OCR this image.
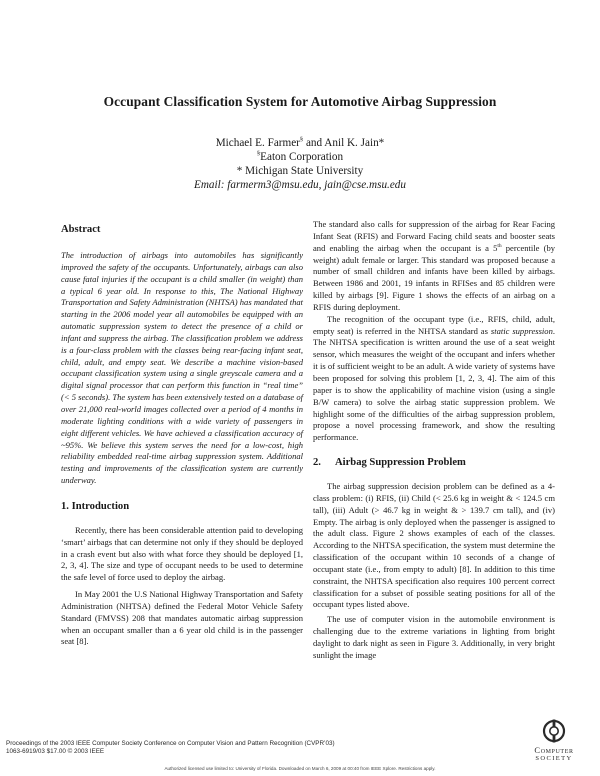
Occupant Classification System for Automotive Airbag Suppression
Michael E. Farmer§ and Anil K. Jain*
§Eaton Corporation
* Michigan State University
Email: farmerm3@msu.edu, jain@cse.msu.edu
Abstract

The introduction of airbags into automobiles has significantly improved the safety of the occupants. Unfortunately, airbags can also cause fatal injuries if the occupant is a child smaller (in weight) than a typical 6 year old. In response to this, The National Highway Transportation and Safety Administration (NHTSA) has mandated that starting in the 2006 model year all automobiles be equipped with an automatic suppression system to detect the presence of a child or infant and suppress the airbag. The classification problem we address is a four-class problem with the classes being rear-facing infant seat, child, adult, and empty seat. We describe a machine vision-based occupant classification system using a single greyscale camera and a digital signal processor that can perform this function in “real time” (< 5 seconds). The system has been extensively tested on a database of over 21,000 real-world images collected over a period of 4 months in moderate lighting conditions with a wide variety of passengers in eight different vehicles. We have achieved a classification accuracy of ~95%. We believe this system serves the need for a low-cost, high reliability embedded real-time airbag suppression system. Additional testing and improvements of the classification system are currently underway.

1. Introduction

Recently, there has been considerable attention paid to developing ‘smart’ airbags that can determine not only if they should be deployed in a crash event but also with what force they should be deployed [1, 2, 3, 4]. The size and type of occupant needs to be used to determine the safe level of force used to deploy the airbag.

In May 2001 the U.S National Highway Transportation and Safety Administration (NHTSA) defined the Federal Motor Vehicle Safety Standard (FMVSS) 208 that mandates automatic airbag suppression when an occupant smaller than a 6 year old child is in the passenger seat [8].

The standard also calls for suppression of the airbag for Rear Facing Infant Seat (RFIS) and Forward Facing child seats and booster seats and enabling the airbag when the occupant is a 5th percentile (by weight) adult female or larger. This standard was proposed because a number of small children and infants have been killed by airbags. Between 1986 and 2001, 19 infants in RFISes and 85 children were killed by airbags [9]. Figure 1 shows the effects of an airbag on a RFIS during deployment.

The recognition of the occupant type (i.e., RFIS, child, adult, empty seat) is referred in the NHTSA standard as static suppression. The NHTSA specification is written around the use of a seat weight sensor, which measures the weight of the occupant and infers whether it is of sufficient weight to be an adult. A wide variety of systems have been proposed for solving this problem [1, 2, 3, 4]. The aim of this paper is to show the applicability of machine vision (using a single B/W camera) to solve the airbag static suppression problem. We highlight some of the difficulties of the airbag suppression problem, propose a novel processing framework, and show the resulting performance.

2. Airbag Suppression Problem

The airbag suppression decision problem can be defined as a 4-class problem: (i) RFIS, (ii) Child (< 25.6 kg in weight & < 124.5 cm tall), (iii) Adult (> 46.7 kg in weight & > 139.7 cm tall), and (iv) Empty. The airbag is only deployed when the passenger is assigned to the adult class. Figure 2 shows examples of each of the classes. According to the NHTSA specification, the system must determine the classification of the occupant within 10 seconds of a change of occupant state (i.e., from empty to adult) [8]. In addition to this time constraint, the NHTSA specification also requires 100 percent correct classification for a subset of possible seating positions for all of the occupant types listed above.

The use of computer vision in the automobile environment is challenging due to the extreme variations in lighting from bright daylight to dark night as seen in Figure 3. Additionally, in very bright sunlight the image

Proceedings of the 2003 IEEE Computer Society Conference on Computer Vision and Pattern Recognition (CVPR’03)
1063-6919/03 $17.00 © 2003 IEEE	Computer
SOCIETY
Authorized licensed use limited to: University of Florida. Downloaded on March 6, 2009 at 00:40 from IEEE Xplore. Restrictions apply.
